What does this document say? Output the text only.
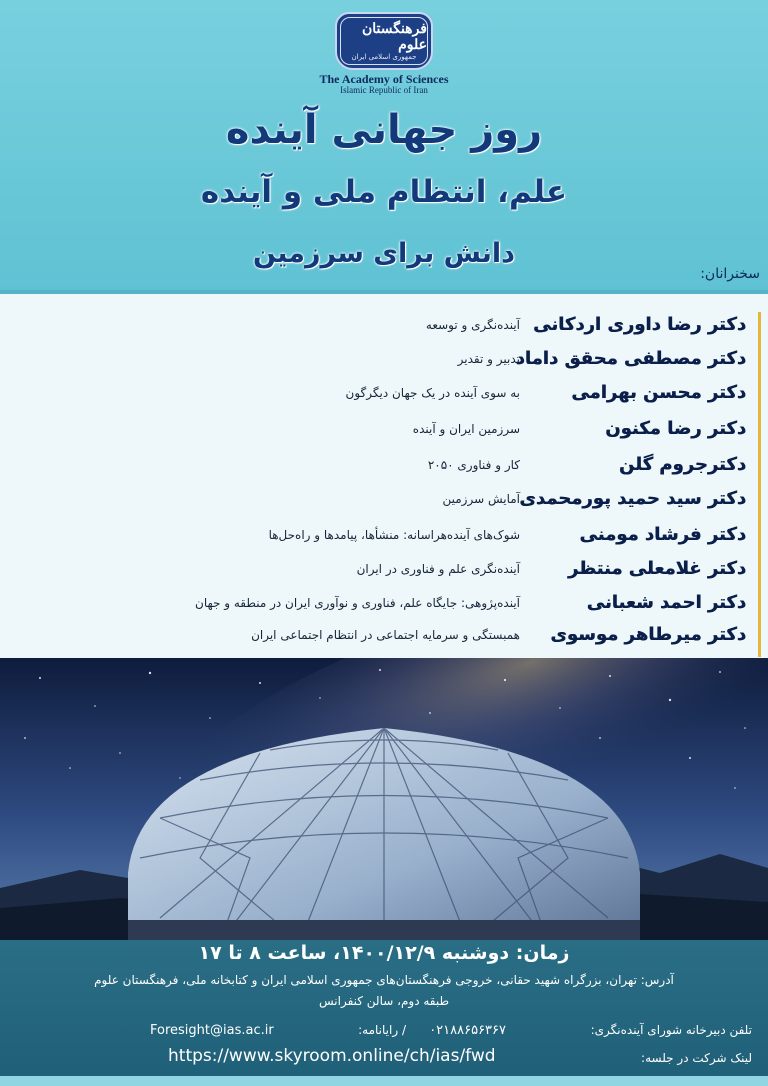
فرهنگستان علوم
جمهوری اسلامی ایران
The Academy of Sciences
Islamic Republic of Iran
روز جهانی آینده
علم، انتظام ملی و آینده
دانش برای سرزمین
سخنرانان:
دکتر رضا داوری اردکانی
آینده‌نگری و توسعه
دکتر مصطفی محقق داماد
تدبیر و تقدیر
دکتر محسن بهرامی
به سوی آینده در یک جهان دیگرگون
دکتر رضا مکنون
سرزمین ایران و آینده
دکترجروم گلن
کار و فناوری ۲۰۵۰
دکتر سید حمید پورمحمدی
آمایش سرزمین
دکتر فرشاد مومنی
شوک‌های آینده‌هراسانه: منشأها، پیامدها و راه‌حل‌ها
دکتر غلامعلی منتظر
آینده‌نگری علم و فناوری در ایران
دکتر احمد شعبانی
آینده‌پژوهی: جایگاه علم، فناوری و نوآوری ایران در منطقه و جهان
دکتر میرطاهر موسوی
همبستگی و سرمایه اجتماعی در انتظام اجتماعی ایران
زمان: دوشنبه ۱۴۰۰/۱۲/۹، ساعت ۸ تا ۱۷
آدرس: تهران، بزرگراه شهید حقانی، خروجی فرهنگستان‌های جمهوری اسلامی ایران و کتابخانه ملی، فرهنگستان علوم
طبقه دوم، سالن کنفرانس
تلفن دبیرخانه شورای آینده‌نگری:
۰۲۱۸۸۶۵۶۳۶۷
/ رایانامه:
Foresight@ias.ac.ir
لینک شرکت در جلسه:
https://www.skyroom.online/ch/ias/fwd
